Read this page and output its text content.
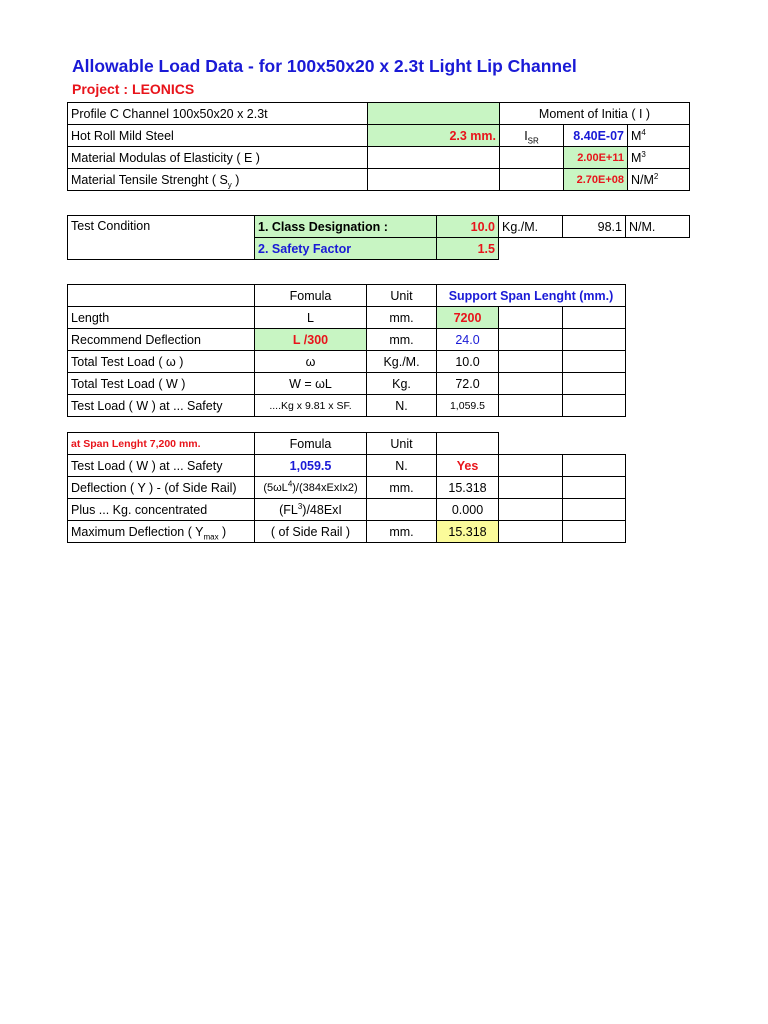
Allowable Load Data - for 100x50x20 x 2.3t Light Lip Channel
Project : LEONICS
Profile C Channel 100x50x20 x 2.3t		Moment of Initia ( I )		
Hot Roll Mild Steel	2.3 mm.	$I_{SR}$	8.40E-07	$M^4$
Material Modulas of Elasticity ( E )			2.00E+11	$M^3$
Material Tensile Strenght ( $S_y$ )			2.70E+08	$N/M^2$
Test Condition	1. Class Designation :	10.0	Kg./M.	98.1	N/M.
	2. Safety Factor	1.5			
	Fomula	Unit	Support Span Lenght (mm.)		
Length	L	mm.	7200		
Recommend Deflection	L /300	mm.	24.0		
Total Test Load ( ω )	ω	Kg./M.	10.0		
Total Test Load ( W )	W = ωL	Kg.	72.0		
Test Load ( W ) at ... Safety	....Kg x 9.81 x SF.	N.	1,059.5		
at Span Lenght 7,200 mm.	Fomula	Unit			
Test Load ( W ) at ... Safety	1,059.5	N.	Yes		
Deflection ( Y ) - (of Side Rail)	$(5\omega L^4)/(384xExIx2)$	mm.	15.318		
Plus ... Kg. concentrated	$(FL^3)/48ExI$		0.000		
Maximum Deflection ( $Y_{max}$ )	( of Side Rail )	mm.	15.318		
